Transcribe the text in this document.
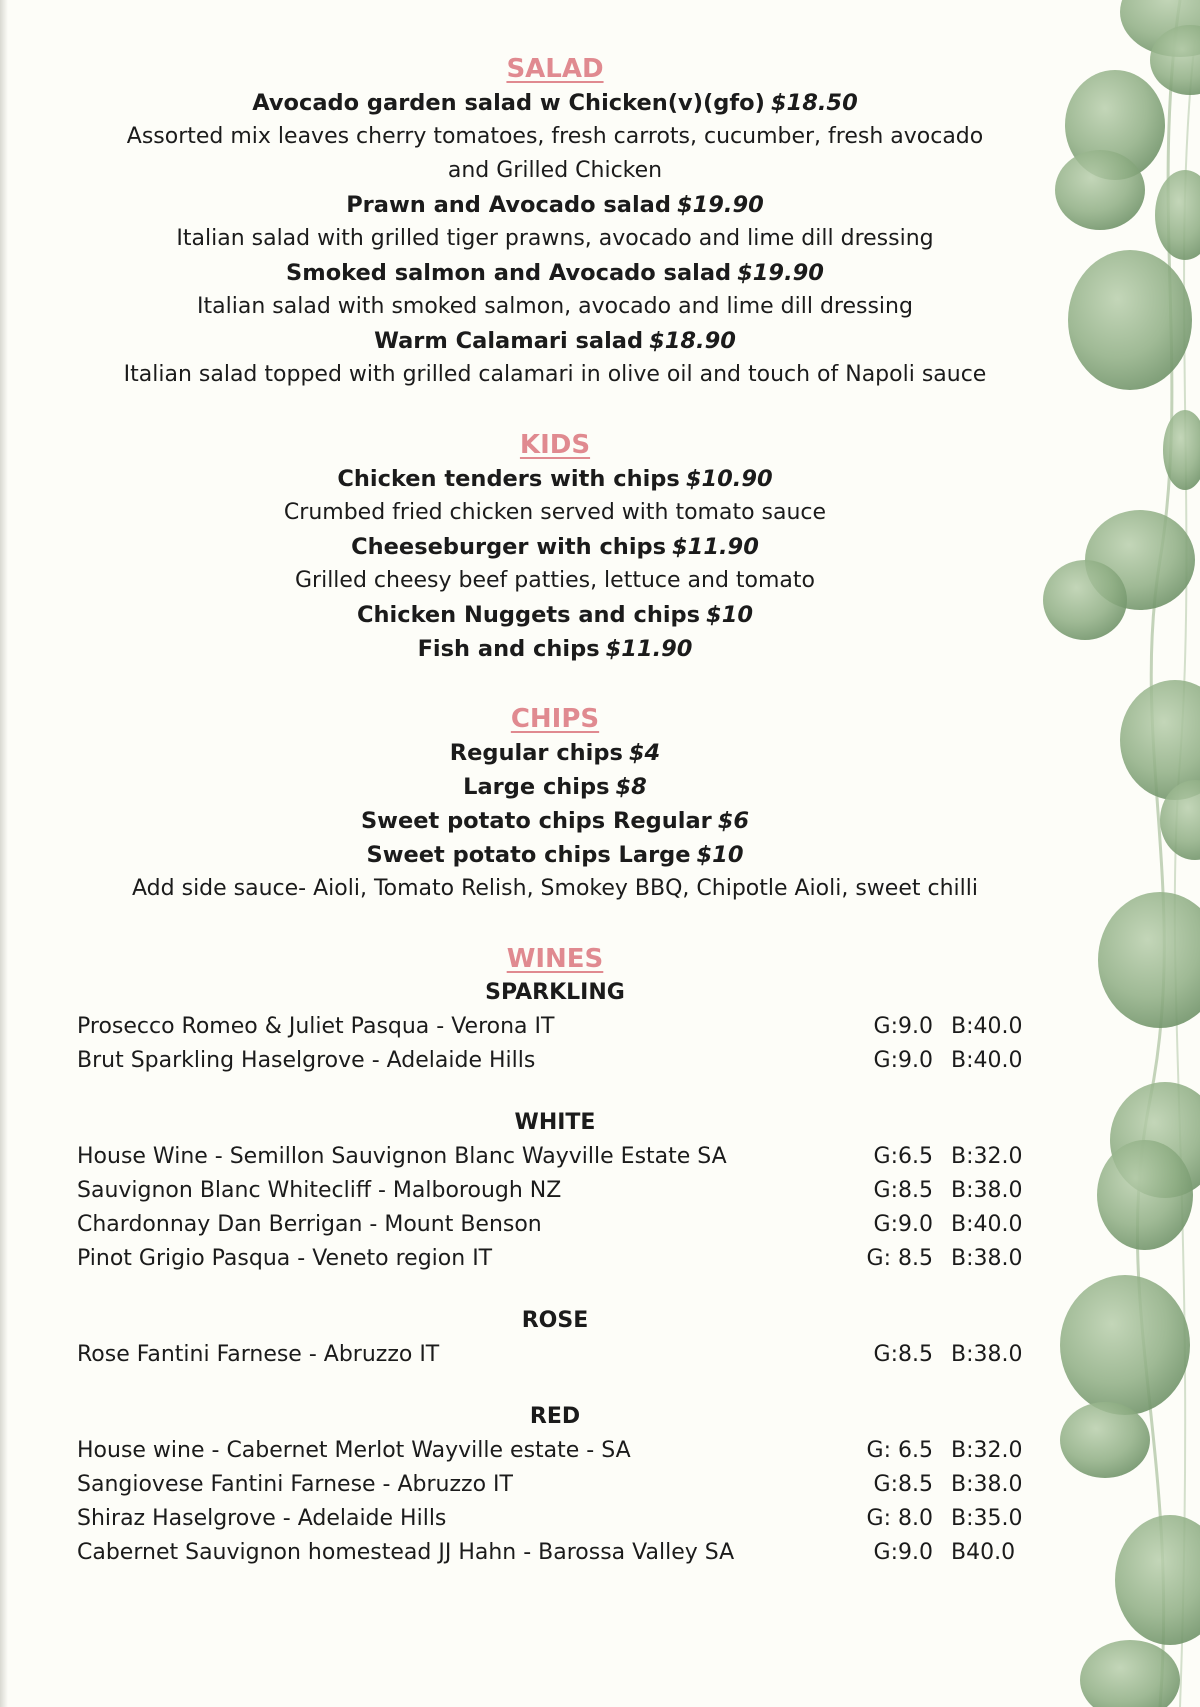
SALAD
Avocado garden salad w Chicken(v)(gfo) $18.50
Assorted mix leaves cherry tomatoes, fresh carrots, cucumber, fresh avocado and Grilled Chicken
Prawn and Avocado salad $19.90
Italian salad with grilled tiger prawns, avocado and lime dill dressing
Smoked salmon and Avocado salad $19.90
Italian salad with smoked salmon, avocado and lime dill dressing
Warm Calamari salad $18.90
Italian salad topped with grilled calamari in olive oil and touch of Napoli sauce
KIDS
Chicken tenders with chips $10.90
Crumbed fried chicken served with tomato sauce
Cheeseburger with chips $11.90
Grilled cheesy beef patties, lettuce and tomato
Chicken Nuggets and chips $10
Fish and chips $11.90
CHIPS
Regular chips $4
Large chips $8
Sweet potato chips Regular $6
Sweet potato chips Large $10
Add side sauce- Aioli, Tomato Relish, Smokey BBQ, Chipotle Aioli, sweet chilli
WINES
SPARKLING
Prosecco Romeo & Juliet Pasqua - Verona IT	G:9.0 B:40.0
Brut Sparkling Haselgrove - Adelaide Hills	G:9.0 B:40.0
WHITE
House Wine - Semillon Sauvignon Blanc Wayville Estate SA	G:6.5 B:32.0
Sauvignon Blanc Whitecliff - Malborough NZ	G:8.5 B:38.0
Chardonnay Dan Berrigan - Mount Benson	G:9.0 B:40.0
Pinot Grigio Pasqua - Veneto region IT	G: 8.5 B:38.0
ROSE
Rose Fantini Farnese - Abruzzo IT	G:8.5 B:38.0
RED
House wine - Cabernet Merlot Wayville estate - SA	G: 6.5 B:32.0
Sangiovese Fantini Farnese - Abruzzo IT	G:8.5 B:38.0
Shiraz Haselgrove - Adelaide Hills	G: 8.0 B:35.0
Cabernet Sauvignon homestead JJ Hahn - Barossa Valley SA	G:9.0 B40.0
